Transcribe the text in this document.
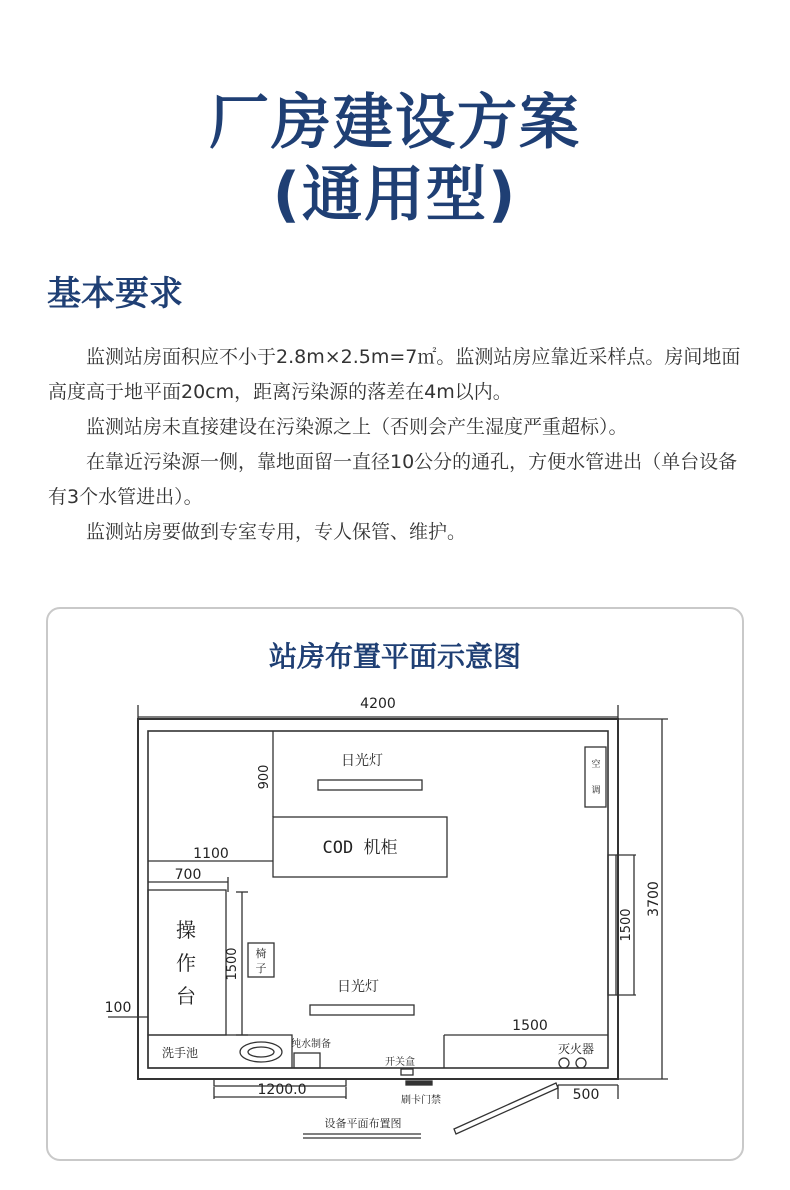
厂房建设方案
(通用型)
基本要求
监测站房面积应不小于2.8m×2.5m=7㎡。监测站房应靠近采样点。房间地面高度高于地平面20cm，距离污染源的落差在4m以内。
监测站房未直接建设在污染源之上（否则会产生湿度严重超标）。
在靠近污染源一侧，靠地面留一直径10公分的通孔，方便水管进出（单台设备有3个水管进出）。
监测站房要做到专室专用，专人保管、维护。
站房布置平面示意图
4200
3700
900
日光灯
COD 机柜
1100
700
操
作
台
1500 椅
子
100
日光灯
洗手池
纯水制备
开关盒
1500
灭火器
空
调
1500
1200.0
刷卡门禁	500
设备平面布置图
